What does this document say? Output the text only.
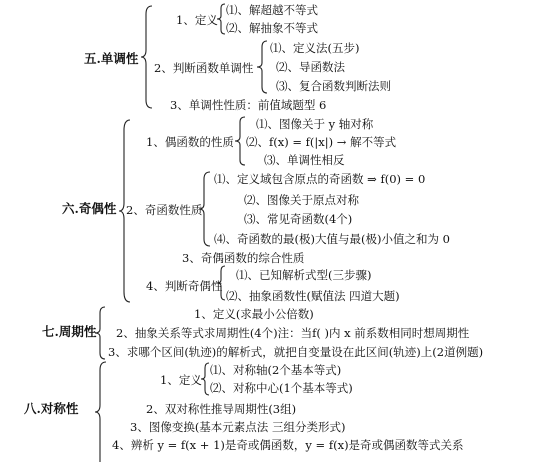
五.单调性
1、定义
⑴、解超越不等式
⑵、解抽象不等式
2、判断函数单调性
⑴、定义法(五步)
⑵、导函数法
⑶、复合函数判断法则
3、单调性性质：前值域题型 6
六.奇偶性
1、偶函数的性质
⑴、图像关于 y 轴对称
⑵、f(x) = f(|x|) → 解不等式
⑶、单调性相反
2、奇函数性质
⑴、定义域包含原点的奇函数 ⇒ f(0) = 0
⑵、图像关于原点对称
⑶、常见奇函数(4个)
⑷、奇函数的最(极)大值与最(极)小值之和为 0
3、奇偶函数的综合性质
4、判断奇偶性
⑴、已知解析式型(三步骤)
⑵、抽象函数性(赋值法 四道大题)
七.周期性
1、定义(求最小公倍数)
2、抽象关系等式求周期性(4个)注：当f( )内 x 前系数相同时想周期性
3、求哪个区间(轨迹)的解析式，就把自变量设在此区间(轨迹)上(2道例题)
八.对称性
1、定义
⑴、对称轴(2个基本等式)
⑵、对称中心(1个基本等式)
2、双对称性推导周期性(3组)
3、图像变换(基本元素点法 三组分类形式)
4、辨析 y = f(x + 1)是奇或偶函数，y = f(x)是奇或偶函数等式关系
